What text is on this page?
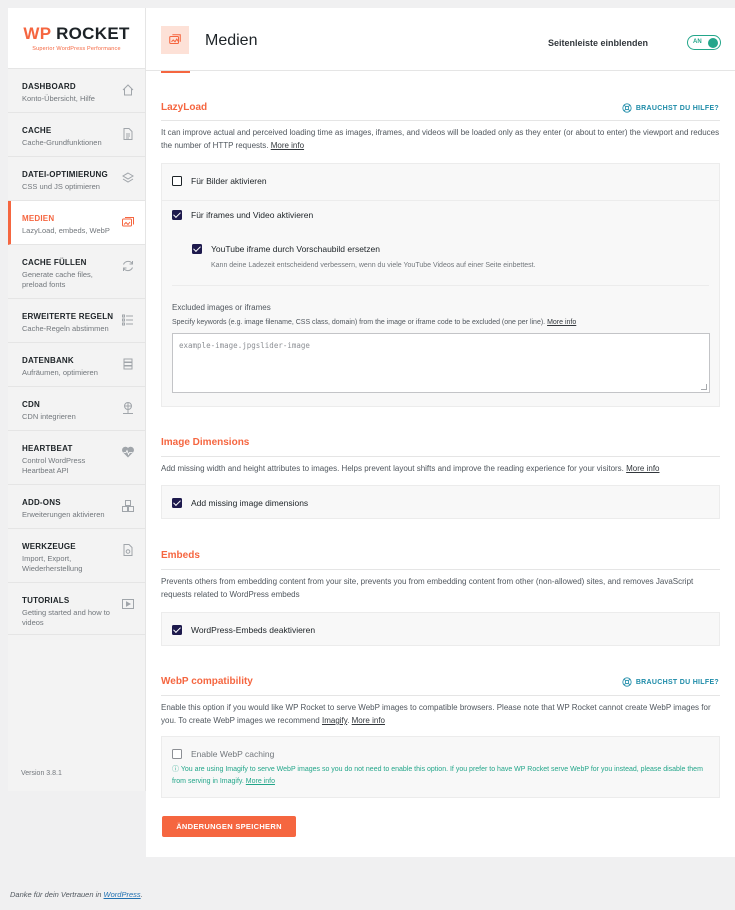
WP ROCKET
Superior WordPress Performance
DASHBOARD
Konto-Übersicht, Hilfe
CACHE
Cache-Grundfunktionen
DATEI-OPTIMIERUNG
CSS und JS optimieren
MEDIEN
LazyLoad, embeds, WebP
CACHE FÜLLEN
Generate cache files, preload fonts
ERWEITERTE REGELN
Cache-Regeln abstimmen
DATENBANK
Aufräumen, optimieren
CDN
CDN integrieren
HEARTBEAT
Control WordPress Heartbeat API
ADD-ONS
Erweiterungen aktivieren
WERKZEUGE
Import, Export, Wiederherstellung
TUTORIALS
Getting started and how to videos
Version 3.8.1
Medien	Seitenleiste einblenden	AN
LazyLoad	BRAUCHST DU HILFE?

It can improve actual and perceived loading time as images, iframes, and videos will be loaded only as they enter (or about to enter) the viewport and reduces the number of HTTP requests. More info

Für Bilder aktivieren
Für iframes und Video aktivieren
YouTube iframe durch Vorschaubild ersetzen
Kann deine Ladezeit entscheidend verbessern, wenn du viele YouTube Videos auf einer Seite einbettest.
Excluded images or iframes
Specify keywords (e.g. image filename, CSS class, domain) from the image or iframe code to be excluded (one per line). More info
example-image.jpgslider-image
Image Dimensions

Add missing width and height attributes to images. Helps prevent layout shifts and improve the reading experience for your visitors. More info

Add missing image dimensions
Embeds

Prevents others from embedding content from your site, prevents you from embedding content from other (non-allowed) sites, and removes JavaScript requests related to WordPress embeds

WordPress-Embeds deaktivieren
WebP compatibility	BRAUCHST DU HILFE?

Enable this option if you would like WP Rocket to serve WebP images to compatible browsers. Please note that WP Rocket cannot create WebP images for you. To create WebP images we recommend Imagify. More info

Enable WebP caching
ⓘ You are using Imagify to serve WebP images so you do not need to enable this option. If you prefer to have WP Rocket serve WebP for you instead, please disable them from serving in Imagify. More info
ÄNDERUNGEN SPEICHERN
Danke für dein Vertrauen in WordPress.
